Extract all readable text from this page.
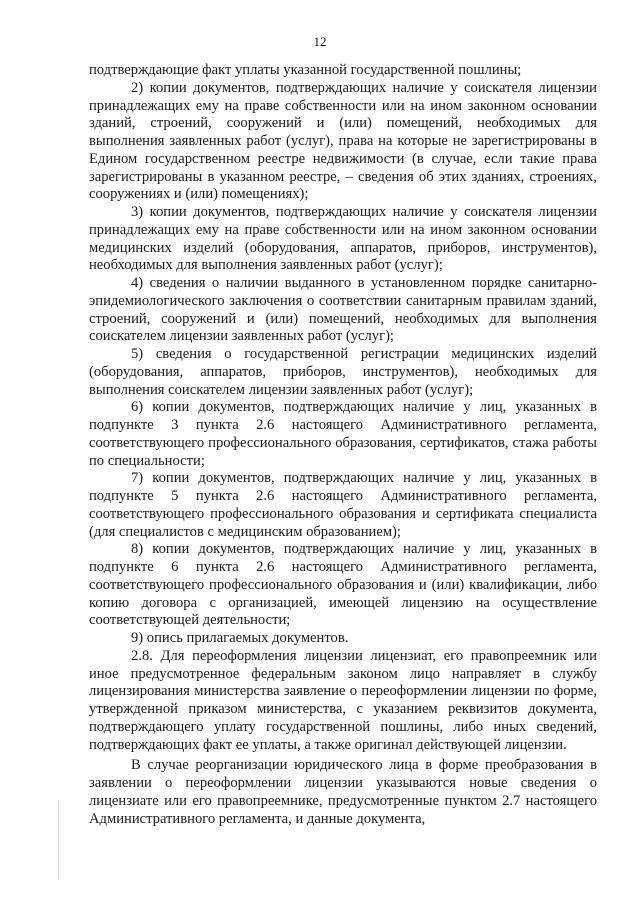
12

подтверждающие факт уплаты указанной государственной пошлины;

2) копии документов, подтверждающих наличие у соискателя лицензии принадлежащих ему на праве собственности или на ином законном основании зданий, строений, сооружений и (или) помещений, необходимых для выполнения заявленных работ (услуг), права на которые не зарегистрированы в Едином государственном реестре недвижимости (в случае, если такие права зарегистрированы в указанном реестре, – сведения об этих зданиях, строениях, сооружениях и (или) помещениях);

3) копии документов, подтверждающих наличие у соискателя лицензии принадлежащих ему на праве собственности или на ином законном основании медицинских изделий (оборудования, аппаратов, приборов, инструментов), необходимых для выполнения заявленных работ (услуг);

4) сведения о наличии выданного в установленном порядке санитарно-эпидемиологического заключения о соответствии санитарным правилам зданий, строений, сооружений и (или) помещений, необходимых для выполнения соискателем лицензии заявленных работ (услуг);

5) сведения о государственной регистрации медицинских изделий (оборудования, аппаратов, приборов, инструментов), необходимых для выполнения соискателем лицензии заявленных работ (услуг);

6) копии документов, подтверждающих наличие у лиц, указанных в подпункте 3 пункта 2.6 настоящего Административного регламента, соответствующего профессионального образования, сертификатов, стажа работы по специальности;

7) копии документов, подтверждающих наличие у лиц, указанных в подпункте 5 пункта 2.6 настоящего Административного регламента, соответствующего профессионального образования и сертификата специалиста (для специалистов с медицинским образованием);

8) копии документов, подтверждающих наличие у лиц, указанных в подпункте 6 пункта 2.6 настоящего Административного регламента, соответствующего профессионального образования и (или) квалификации, либо копию договора с организацией, имеющей лицензию на осуществление соответствующей деятельности;

9) опись прилагаемых документов.

2.8. Для переоформления лицензии лицензиат, его правопреемник или иное предусмотренное федеральным законом лицо направляет в службу лицензирования министерства заявление о переоформлении лицензии по форме, утвержденной приказом министерства, с указанием реквизитов документа, подтверждающего уплату государственной пошлины, либо иных сведений, подтверждающих факт ее уплаты, а также оригинал действующей лицензии.

В случае реорганизации юридического лица в форме преобразования в заявлении о переоформлении лицензии указываются новые сведения о лицензиате или его правопреемнике, предусмотренные пунктом 2.7 настоящего Административного регламента, и данные документа,
